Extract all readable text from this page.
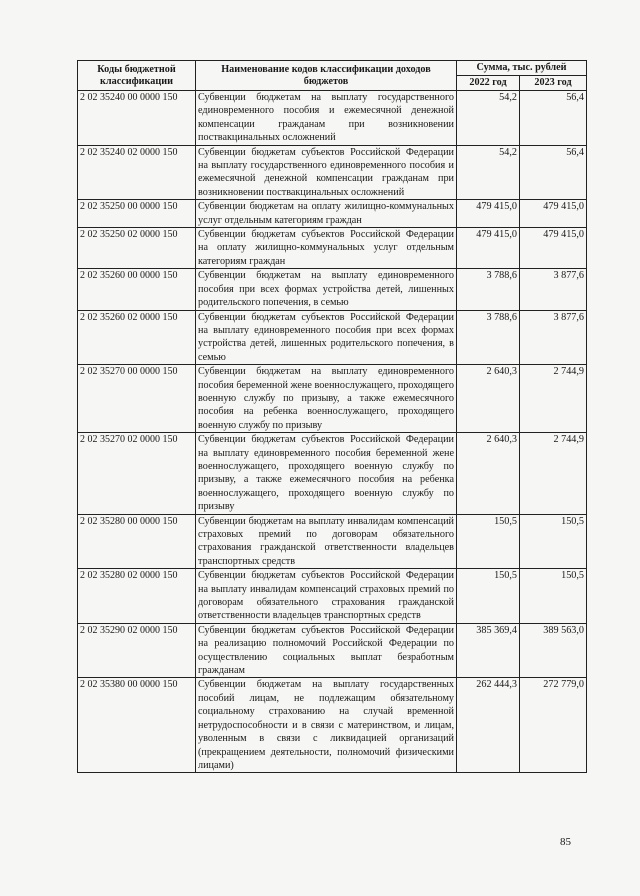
Коды бюджетной классификации	Наименование кодов классификации доходов бюджетов	Сумма, тыс. рублей	
		2022 год	2023 год
2 02 35240 00 0000 150	Субвенции бюджетам на выплату государственного единовременного пособия и ежемесячной денежной компенсации гражданам при возникновении поствакцинальных осложнений	54,2	56,4
2 02 35240 02 0000 150	Субвенции бюджетам субъектов Российской Федерации на выплату государственного единовременного пособия и ежемесячной денежной компенсации гражданам при возникновении поствакцинальных осложнений	54,2	56,4
2 02 35250 00 0000 150	Субвенции бюджетам на оплату жилищно-коммунальных услуг отдельным категориям граждан	479 415,0	479 415,0
2 02 35250 02 0000 150	Субвенции бюджетам субъектов Российской Федерации на оплату жилищно-коммунальных услуг отдельным категориям граждан	479 415,0	479 415,0
2 02 35260 00 0000 150	Субвенции бюджетам на выплату единовременного пособия при всех формах устройства детей, лишенных родительского попечения, в семью	3 788,6	3 877,6
2 02 35260 02 0000 150	Субвенции бюджетам субъектов Российской Федерации на выплату единовременного пособия при всех формах устройства детей, лишенных родительского попечения, в семью	3 788,6	3 877,6
2 02 35270 00 0000 150	Субвенции бюджетам на выплату единовременного пособия беременной жене военнослужащего, проходящего военную службу по призыву, а также ежемесячного пособия на ребенка военнослужащего, проходящего военную службу по призыву	2 640,3	2 744,9
2 02 35270 02 0000 150	Субвенции бюджетам субъектов Российской Федерации на выплату единовременного пособия беременной жене военнослужащего, проходящего военную службу по призыву, а также ежемесячного пособия на ребенка военнослужащего, проходящего военную службу по призыву	2 640,3	2 744,9
2 02 35280 00 0000 150	Субвенции бюджетам на выплату инвалидам компенсаций страховых премий по договорам обязательного страхования гражданской ответственности владельцев транспортных средств	150,5	150,5
2 02 35280 02 0000 150	Субвенции бюджетам субъектов Российской Федерации на выплату инвалидам компенсаций страховых премий по договорам обязательного страхования гражданской ответственности владельцев транспортных средств	150,5	150,5
2 02 35290 02 0000 150	Субвенции бюджетам субъектов Российской Федерации на реализацию полномочий Российской Федерации по осуществлению социальных выплат безработным гражданам	385 369,4	389 563,0
2 02 35380 00 0000 150	Субвенции бюджетам на выплату государственных пособий лицам, не подлежащим обязательному социальному страхованию на случай временной нетрудоспособности и в связи с материнством, и лицам, уволенным в связи с ликвидацией организаций (прекращением деятельности, полномочий физическими лицами)	262 444,3	272 779,0
85
